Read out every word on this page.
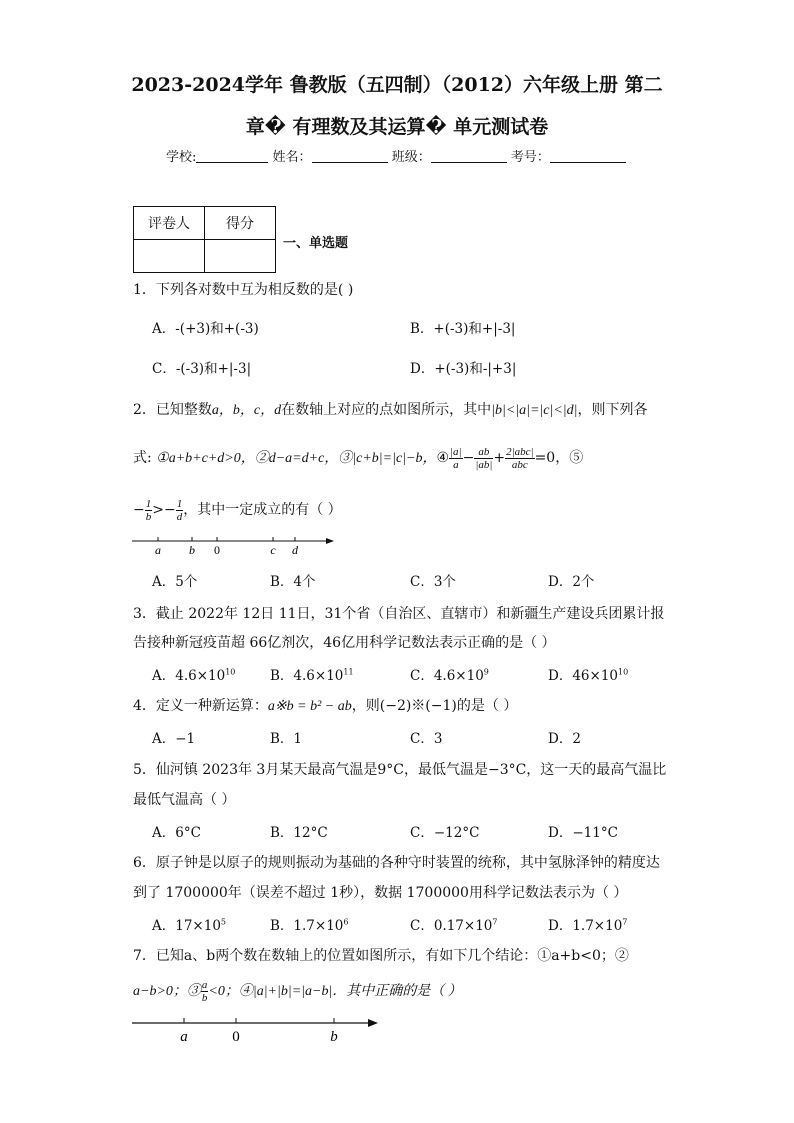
2023-2024学年 鲁教版（五四制）（2012）六年级上册 第二
章� 有理数及其运算� 单元测试卷
学校:	姓名：	班级：	考号：
评卷人	得分

一、单选题
1．下列各对数中互为相反数的是( )
A．-(+3)和+(-3)	B．+(-3)和+|-3|
C．-(-3)和+|-3|	D．+(-3)和-|+3|
2．已知整数a，b，c，d在数轴上对应的点如图所示，其中|b|<|a|=|c|<|d|，则下列各
式: ①a+b+c+d>0，②d−a=d+c，③|c+b|=|c|−b，④ $\frac{|a|}{a} - \frac{ab}{|ab|} + \frac{\text{2|abc|}}{\text{abc}} =0$，⑤
− $\frac{1}{b} >- \frac{1}{d}$ ，其中一定成立的有（ ）
a b 0	c d
A．5个	B．4个	C．3个	D．2个
3．截止 2022年 12日 11日，31个省（自治区、直辖市）和新疆生产建设兵团累计报
告接种新冠疫苗超 66亿剂次，46亿用科学记数法表示正确的是（ ）
A．$4.6\times 10^{10}$	B．$4.6\times 10^{11}$	C．$4.6\times 10^9$	D．$46\times 10^{10}$
4．定义一种新运算：a※b = b² − ab，则(−2)※(−1)的是（ ）
A．−1	B．1	C．3	D．2
5．仙河镇 2023年 3月某天最高气温是9°C，最低气温是−3°C，这一天的最高气温比
最低气温高（ ）
A．6°C	B．12°C	C．−12°C	D．−11°C
6．原子钟是以原子的规则振动为基础的各种守时装置的统称，其中氢脉泽钟的精度达
到了 1700000年（误差不超过 1秒），数据 1700000用科学记数法表示为（ ）
A．$17\times 10^5$	B．$1.7\times 10^6$	C．$0.17\times 10^7$	D．$1.7\times 10^7$
7．已知a、b两个数在数轴上的位置如图所示，有如下几个结论：①a+b<0；②
a−b>0；③ $\frac{a}{b} <0$；④|a|+|b|=|a−b|．其中正确的是（ ）
a	0	b
